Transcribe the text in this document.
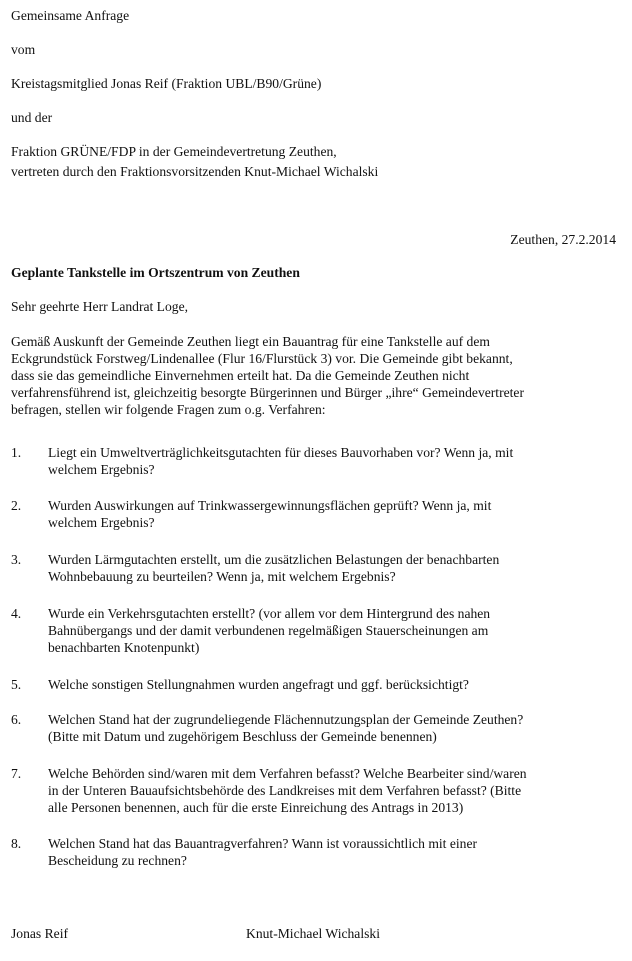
Gemeinsame Anfrage
vom
Kreistagsmitglied Jonas Reif (Fraktion UBL/B90/Grüne)
und der
Fraktion GRÜNE/FDP in der Gemeindevertretung Zeuthen,
vertreten durch den Fraktionsvorsitzenden Knut-Michael Wichalski
Zeuthen, 27.2.2014
Geplante Tankstelle im Ortszentrum von Zeuthen
Sehr geehrte Herr Landrat Loge,
Gemäß Auskunft der Gemeinde Zeuthen liegt ein Bauantrag für eine Tankstelle auf dem
Eckgrundstück Forstweg/Lindenallee (Flur 16/Flurstück 3) vor. Die Gemeinde gibt bekannt,
dass sie das gemeindliche Einvernehmen erteilt hat. Da die Gemeinde Zeuthen nicht
verfahrensführend ist, gleichzeitig besorgte Bürgerinnen und Bürger „ihre“ Gemeindevertreter
befragen, stellen wir folgende Fragen zum o.g. Verfahren:
1. Liegt ein Umweltverträglichkeitsgutachten für dieses Bauvorhaben vor? Wenn ja, mit
welchem Ergebnis?
2. Wurden Auswirkungen auf Trinkwassergewinnungsflächen geprüft? Wenn ja, mit
welchem Ergebnis?
3. Wurden Lärmgutachten erstellt, um die zusätzlichen Belastungen der benachbarten
Wohnbebauung zu beurteilen? Wenn ja, mit welchem Ergebnis?
4. Wurde ein Verkehrsgutachten erstellt? (vor allem vor dem Hintergrund des nahen
Bahnübergangs und der damit verbundenen regelmäßigen Stauerscheinungen am
benachbarten Knotenpunkt)
5. Welche sonstigen Stellungnahmen wurden angefragt und ggf. berücksichtigt?
6. Welchen Stand hat der zugrundeliegende Flächennutzungsplan der Gemeinde Zeuthen?
(Bitte mit Datum und zugehörigem Beschluss der Gemeinde benennen)
7. Welche Behörden sind/waren mit dem Verfahren befasst? Welche Bearbeiter sind/waren
in der Unteren Bauaufsichtsbehörde des Landkreises mit dem Verfahren befasst? (Bitte
alle Personen benennen, auch für die erste Einreichung des Antrags in 2013)
8. Welchen Stand hat das Bauantragverfahren? Wann ist voraussichtlich mit einer
Bescheidung zu rechnen?
Jonas Reif	Knut-Michael Wichalski
